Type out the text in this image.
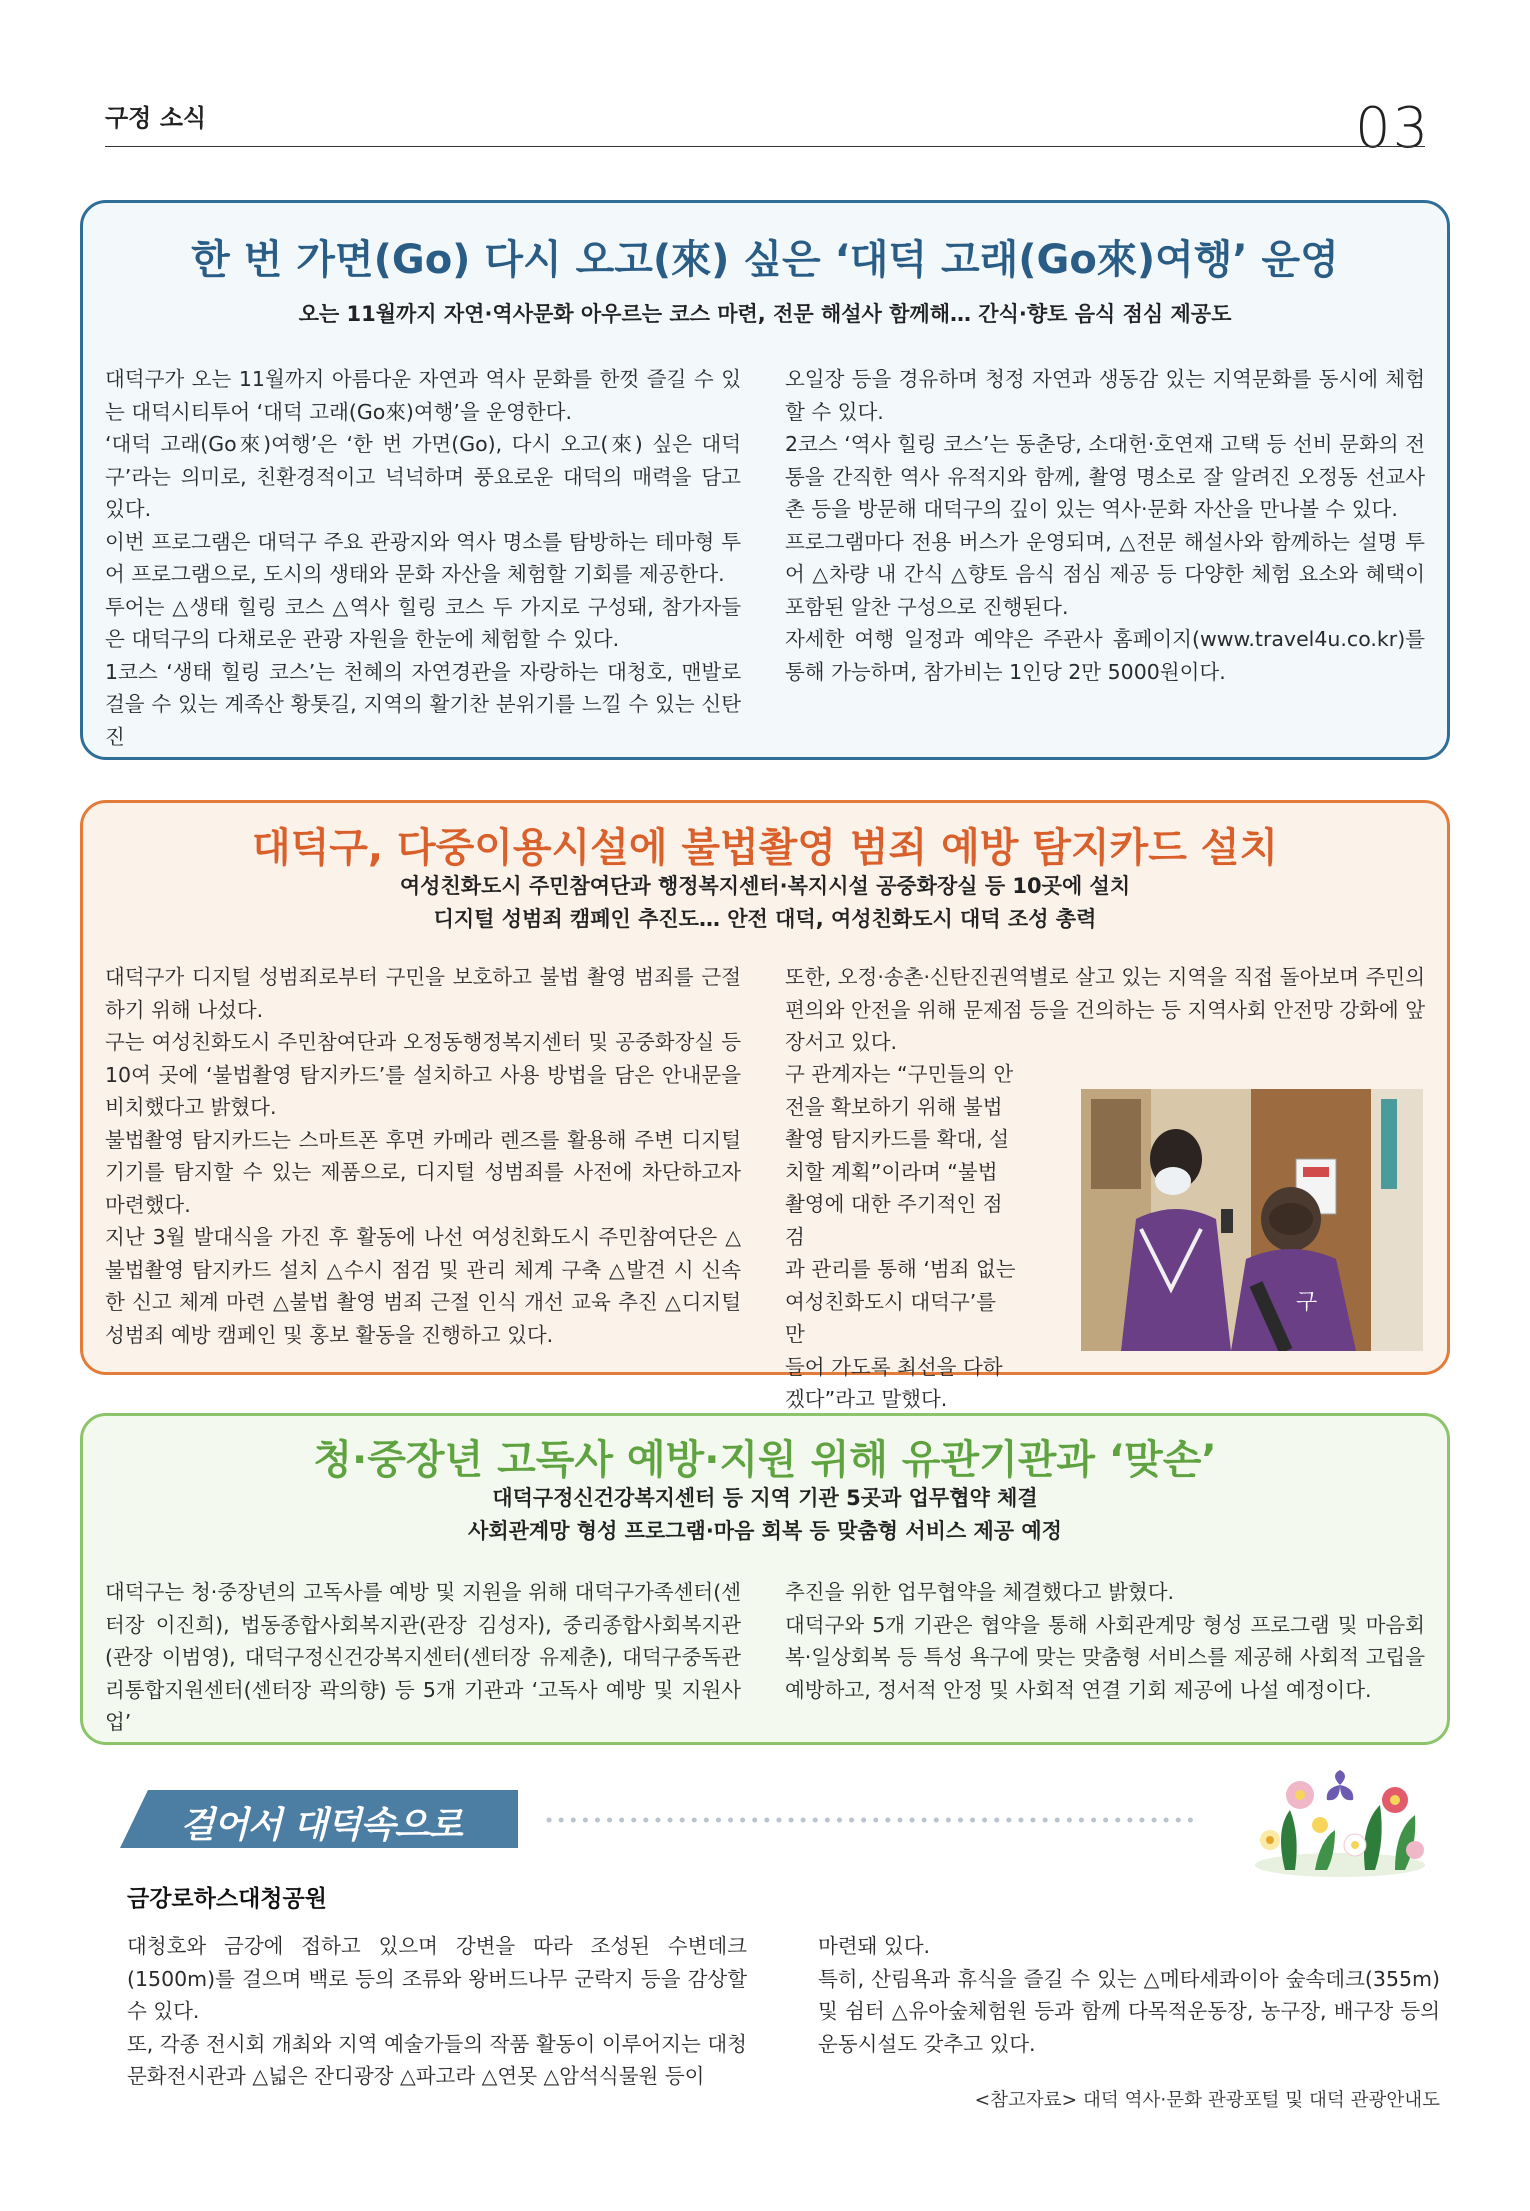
구정 소식	03
한 번 가면(Go) 다시 오고(來) 싶은 ‘대덕 고래(Go來)여행’ 운영
오는 11월까지 자연·역사문화 아우르는 코스 마련, 전문 해설사 함께해… 간식·향토 음식 점심 제공도

대덕구가 오는 11월까지 아름다운 자연과 역사 문화를 한껏 즐길 수 있는 대덕시티투어 ‘대덕 고래(Go來)여행’을 운영한다.

‘대덕 고래(Go來)여행’은 ‘한 번 가면(Go), 다시 오고(來) 싶은 대덕구’라는 의미로, 친환경적이고 넉넉하며 풍요로운 대덕의 매력을 담고 있다.

이번 프로그램은 대덕구 주요 관광지와 역사 명소를 탐방하는 테마형 투어 프로그램으로, 도시의 생태와 문화 자산을 체험할 기회를 제공한다.

투어는 △생태 힐링 코스 △역사 힐링 코스 두 가지로 구성돼, 참가자들은 대덕구의 다채로운 관광 자원을 한눈에 체험할 수 있다.

1코스 ‘생태 힐링 코스’는 천혜의 자연경관을 자랑하는 대청호, 맨발로 걸을 수 있는 계족산 황톳길, 지역의 활기찬 분위기를 느낄 수 있는 신탄진

오일장 등을 경유하며 청정 자연과 생동감 있는 지역문화를 동시에 체험할 수 있다.

2코스 ‘역사 힐링 코스’는 동춘당, 소대헌·호연재 고택 등 선비 문화의 전통을 간직한 역사 유적지와 함께, 촬영 명소로 잘 알려진 오정동 선교사촌 등을 방문해 대덕구의 깊이 있는 역사·문화 자산을 만나볼 수 있다.

프로그램마다 전용 버스가 운영되며, △전문 해설사와 함께하는 설명 투어 △차량 내 간식 △향토 음식 점심 제공 등 다양한 체험 요소와 혜택이 포함된 알찬 구성으로 진행된다.

자세한 여행 일정과 예약은 주관사 홈페이지(www.travel4u.co.kr)를 통해 가능하며, 참가비는 1인당 2만 5000원이다.

대덕구, 다중이용시설에 불법촬영 범죄 예방 탐지카드 설치
여성친화도시 주민참여단과 행정복지센터·복지시설 공중화장실 등 10곳에 설치
디지털 성범죄 캠페인 추진도… 안전 대덕, 여성친화도시 대덕 조성 총력

대덕구가 디지털 성범죄로부터 구민을 보호하고 불법 촬영 범죄를 근절하기 위해 나섰다.

구는 여성친화도시 주민참여단과 오정동행정복지센터 및 공중화장실 등 10여 곳에 ‘불법촬영 탐지카드’를 설치하고 사용 방법을 담은 안내문을 비치했다고 밝혔다.

불법촬영 탐지카드는 스마트폰 후면 카메라 렌즈를 활용해 주변 디지털 기기를 탐지할 수 있는 제품으로, 디지털 성범죄를 사전에 차단하고자 마련했다.

지난 3월 발대식을 가진 후 활동에 나선 여성친화도시 주민참여단은 △불법촬영 탐지카드 설치 △수시 점검 및 관리 체계 구축 △발견 시 신속한 신고 체계 마련 △불법 촬영 범죄 근절 인식 개선 교육 추진 △디지털 성범죄 예방 캠페인 및 홍보 활동을 진행하고 있다.

또한, 오정·송촌·신탄진권역별로 살고 있는 지역을 직접 돌아보며 주민의 편의와 안전을 위해 문제점 등을 건의하는 등 지역사회 안전망 강화에 앞장서고 있다.

구 관계자는 “구민들의 안
전을 확보하기 위해 불법
촬영 탐지카드를 확대, 설
치할 계획”이라며 “불법
촬영에 대한 주기적인 점검
과 관리를 통해 ‘범죄 없는
여성친화도시 대덕구’를 만
들어 가도록 최선을 다하
겠다”라고 말했다.
구
청·중장년 고독사 예방·지원 위해 유관기관과 ‘맞손’
대덕구정신건강복지센터 등 지역 기관 5곳과 업무협약 체결
사회관계망 형성 프로그램·마음 회복 등 맞춤형 서비스 제공 예정

대덕구는 청·중장년의 고독사를 예방 및 지원을 위해 대덕구가족센터(센터장 이진희), 법동종합사회복지관(관장 김성자), 중리종합사회복지관(관장 이범영), 대덕구정신건강복지센터(센터장 유제춘), 대덕구중독관리통합지원센터(센터장 곽의향) 등 5개 기관과 ‘고독사 예방 및 지원사업’

추진을 위한 업무협약을 체결했다고 밝혔다.

대덕구와 5개 기관은 협약을 통해 사회관계망 형성 프로그램 및 마음회복·일상회복 등 특성 욕구에 맞는 맞춤형 서비스를 제공해 사회적 고립을 예방하고, 정서적 안정 및 사회적 연결 기회 제공에 나설 예정이다.

걸어서 대덕속으로
금강로하스대청공원

대청호와 금강에 접하고 있으며 강변을 따라 조성된 수변데크(1500m)를 걸으며 백로 등의 조류와 왕버드나무 군락지 등을 감상할 수 있다.

또, 각종 전시회 개최와 지역 예술가들의 작품 활동이 이루어지는 대청문화전시관과 △넓은 잔디광장 △파고라 △연못 △암석식물원 등이

마련돼 있다.

특히, 산림욕과 휴식을 즐길 수 있는 △메타세콰이아 숲속데크(355m) 및 쉼터 △유아숲체험원 등과 함께 다목적운동장, 농구장, 배구장 등의 운동시설도 갖추고 있다.

<참고자료> 대덕 역사·문화 관광포털 및 대덕 관광안내도
